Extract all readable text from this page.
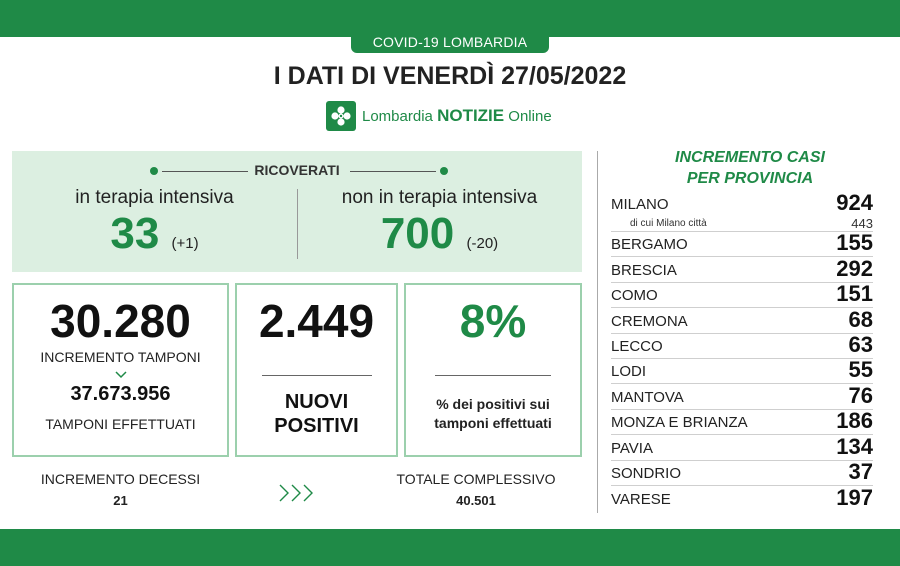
COVID-19 LOMBARDIA
I DATI DI VENERDÌ 27/05/2022
Lombardia NOTIZIE Online
RICOVERATI
in terapia intensiva
33 (+1)
non in terapia intensiva
700 (-20)
30.280
INCREMENTO TAMPONI
37.673.956
TAMPONI EFFETTUATI
2.449
NUOVI
POSITIVI
8%
% dei positivi sui
tamponi effettuati
INCREMENTO DECESSI
21
TOTALE COMPLESSIVO
40.501
INCREMENTO CASI
PER PROVINCIA
MILANO	924
di cui Milano città	443
BERGAMO	155
BRESCIA	292
COMO	151
CREMONA	68
LECCO	63
LODI	55
MANTOVA	76
MONZA E BRIANZA	186
PAVIA	134
SONDRIO	37
VARESE	197
